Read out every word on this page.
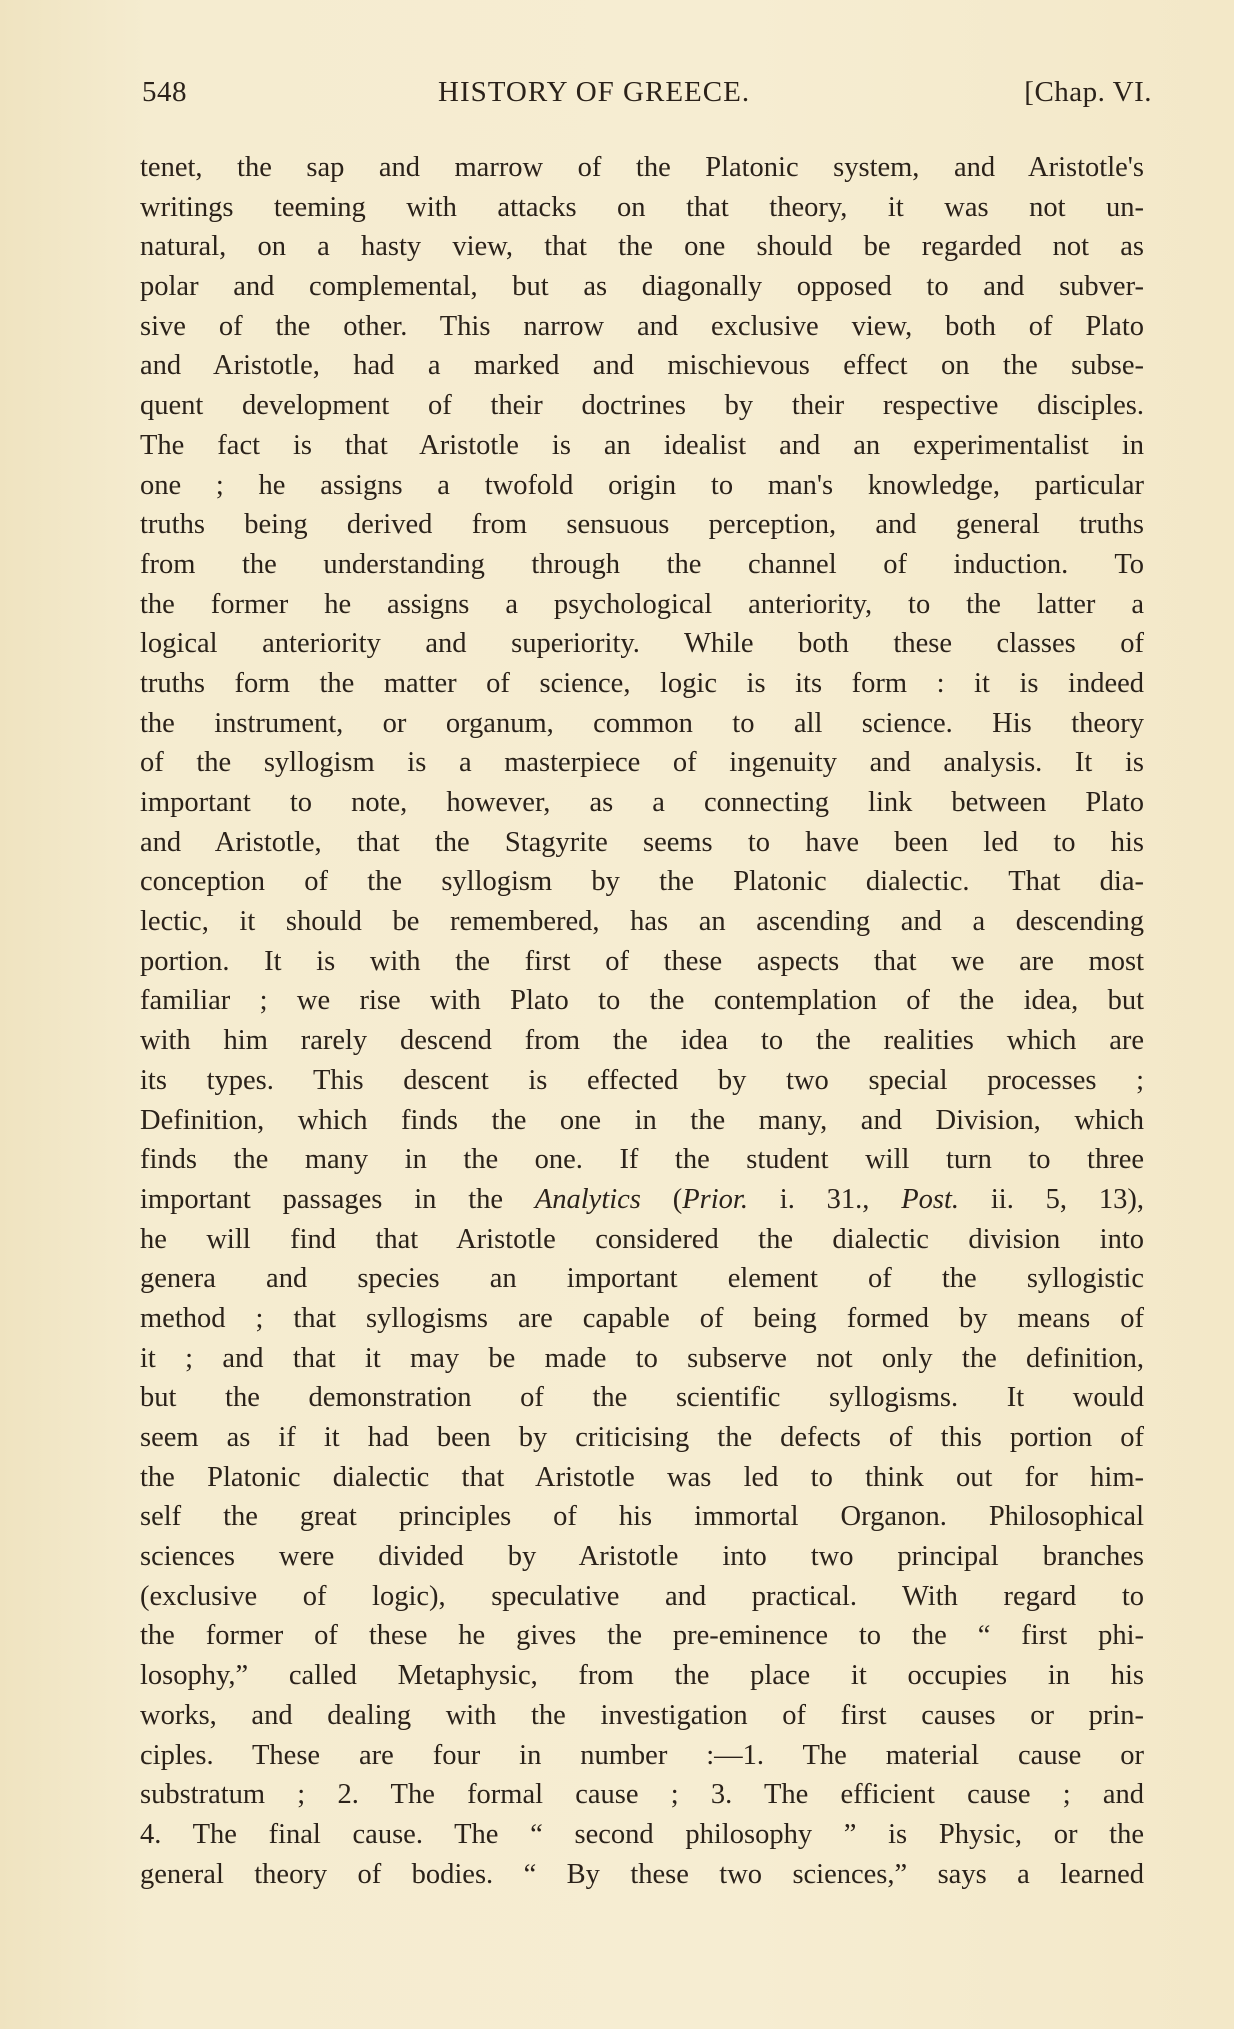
548	HISTORY OF GREECE.	[Chap. VI.
tenet, the sap and marrow of the Platonic system, and Aristotle's
writings teeming with attacks on that theory, it was not un-
natural, on a hasty view, that the one should be regarded not as
polar and complemental, but as diagonally opposed to and subver-
sive of the other. This narrow and exclusive view, both of Plato
and Aristotle, had a marked and mischievous effect on the subse-
quent development of their doctrines by their respective disciples.
The fact is that Aristotle is an idealist and an experimentalist in
one ; he assigns a twofold origin to man's knowledge, particular
truths being derived from sensuous perception, and general truths
from the understanding through the channel of induction. To
the former he assigns a psychological anteriority, to the latter a
logical anteriority and superiority. While both these classes of
truths form the matter of science, logic is its form : it is indeed
the instrument, or organum, common to all science. His theory
of the syllogism is a masterpiece of ingenuity and analysis. It is
important to note, however, as a connecting link between Plato
and Aristotle, that the Stagyrite seems to have been led to his
conception of the syllogism by the Platonic dialectic. That dia-
lectic, it should be remembered, has an ascending and a descending
portion. It is with the first of these aspects that we are most
familiar ; we rise with Plato to the contemplation of the idea, but
with him rarely descend from the idea to the realities which are
its types. This descent is effected by two special processes ;
Definition, which finds the one in the many, and Division, which
finds the many in the one. If the student will turn to three
important passages in the Analytics (Prior. i. 31., Post. ii. 5, 13),
he will find that Aristotle considered the dialectic division into
genera and species an important element of the syllogistic
method ; that syllogisms are capable of being formed by means of
it ; and that it may be made to subserve not only the definition,
but the demonstration of the scientific syllogisms. It would
seem as if it had been by criticising the defects of this portion of
the Platonic dialectic that Aristotle was led to think out for him-
self the great principles of his immortal Organon. Philosophical
sciences were divided by Aristotle into two principal branches
(exclusive of logic), speculative and practical. With regard to
the former of these he gives the pre-eminence to the “ first phi-
losophy,” called Metaphysic, from the place it occupies in his
works, and dealing with the investigation of first causes or prin-
ciples. These are four in number :—1. The material cause or
substratum ; 2. The formal cause ; 3. The efficient cause ; and
4. The final cause. The “ second philosophy ” is Physic, or the
general theory of bodies. “ By these two sciences,” says a learned
